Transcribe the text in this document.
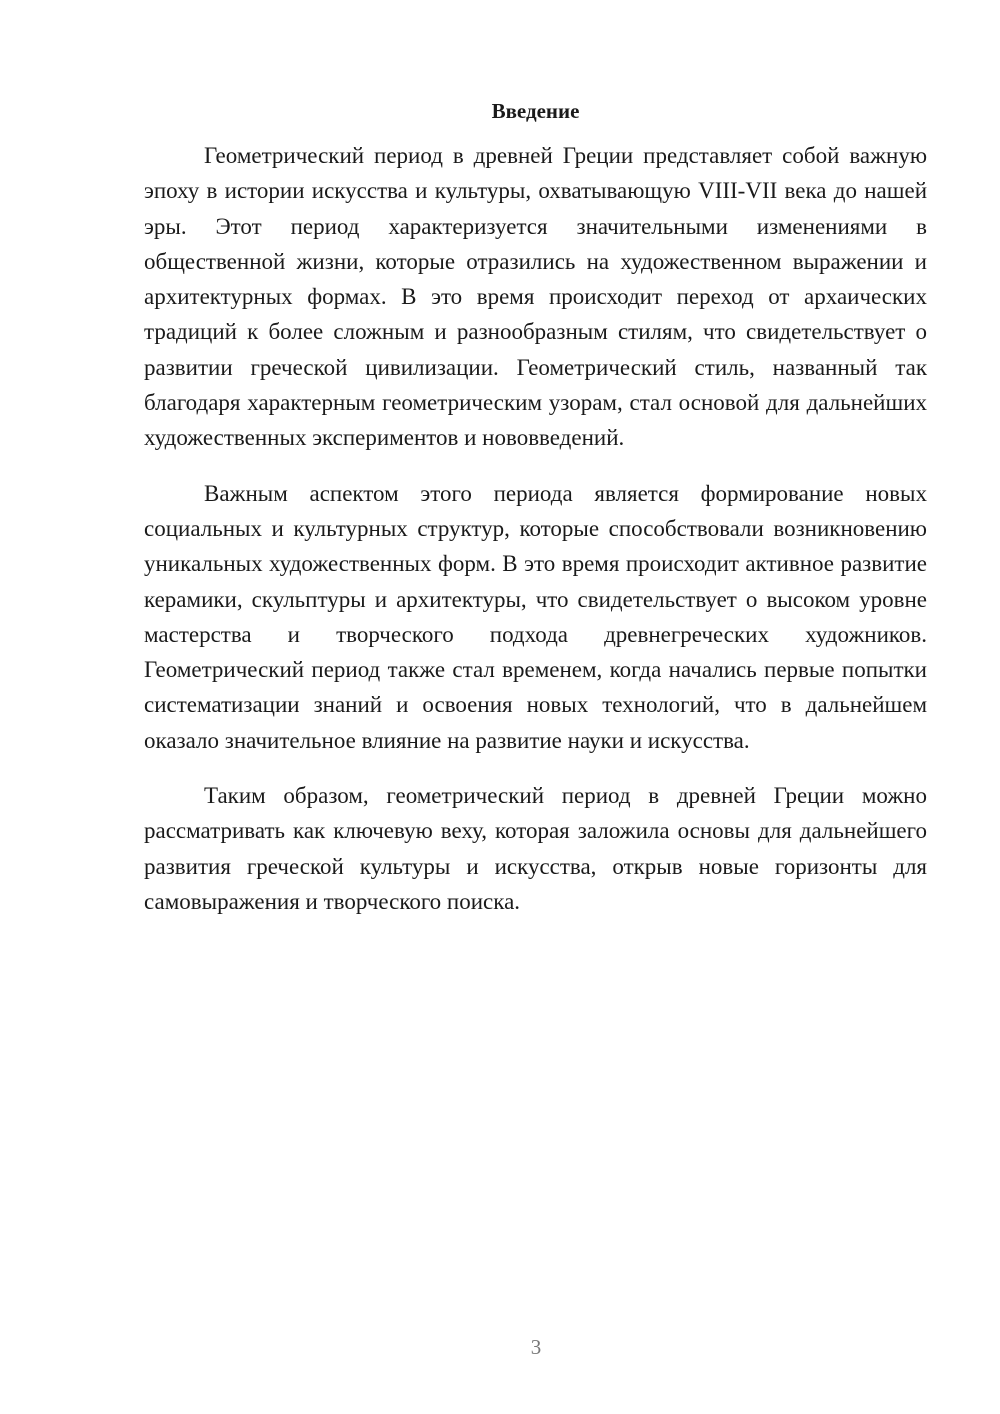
Введение

Геометрический период в древней Греции представляет собой важную эпоху в истории искусства и культуры, охватывающую VIII-VII века до нашей эры. Этот период характеризуется значительными изменениями в общественной жизни, которые отразились на художественном выражении и архитектурных формах. В это время происходит переход от архаических традиций к более сложным и разнообразным стилям, что свидетельствует о развитии греческой цивилизации. Геометрический стиль, названный так благодаря характерным геометрическим узорам, стал основой для дальнейших художественных экспериментов и нововведений.

Важным аспектом этого периода является формирование новых социальных и культурных структур, которые способствовали возникновению уникальных художественных форм. В это время происходит активное развитие керамики, скульптуры и архитектуры, что свидетельствует о высоком уровне мастерства и творческого подхода древнегреческих художников. Геометрический период также стал временем, когда начались первые попытки систематизации знаний и освоения новых технологий, что в дальнейшем оказало значительное влияние на развитие науки и искусства.

Таким образом, геометрический период в древней Греции можно рассматривать как ключевую веху, которая заложила основы для дальнейшего развития греческой культуры и искусства, открыв новые горизонты для самовыражения и творческого поиска.

3
